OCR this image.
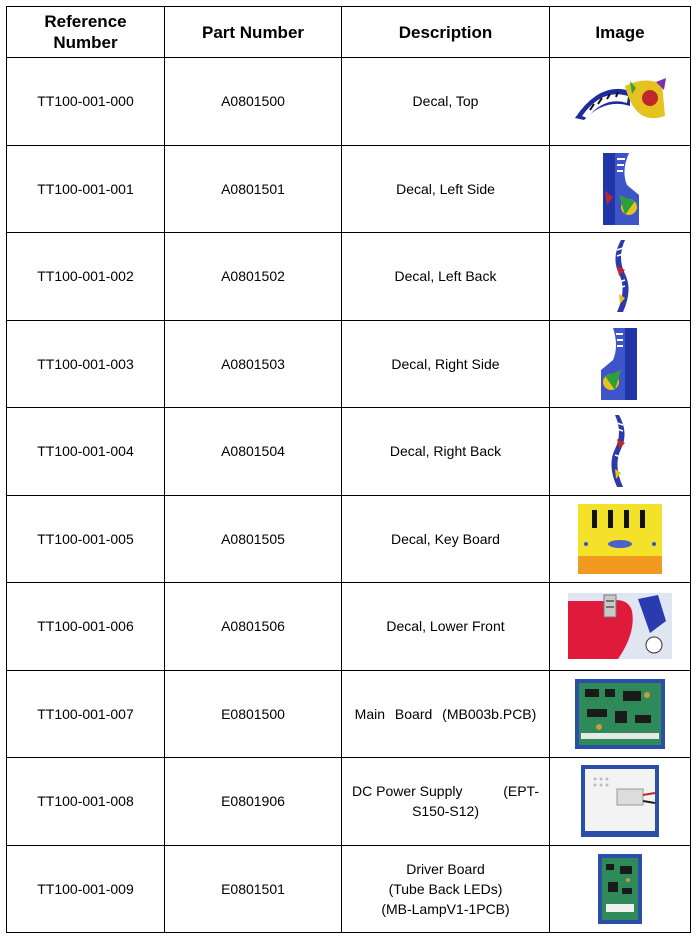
Reference Number	Part Number	Description	Image
TT100-001-000	A0801500	Decal, Top	

TT100-001-001	A0801501	Decal, Left Side	

TT100-001-002	A0801502	Decal, Left Back	

TT100-001-003	A0801503	Decal, Right Side	

TT100-001-004	A0801504	Decal, Right Back	

TT100-001-005	A0801505	Decal, Key Board	

TT100-001-006	A0801506	Decal, Lower Front	

TT100-001-007	E0801500	Main Board (MB003b.PCB)	

TT100-001-008	E0801906	DC Power Supply (EPT-
S150-S12)

TT100-001-009	E0801501	Driver Board
(Tube Back LEDs)
(MB-LampV1-1PCB)
